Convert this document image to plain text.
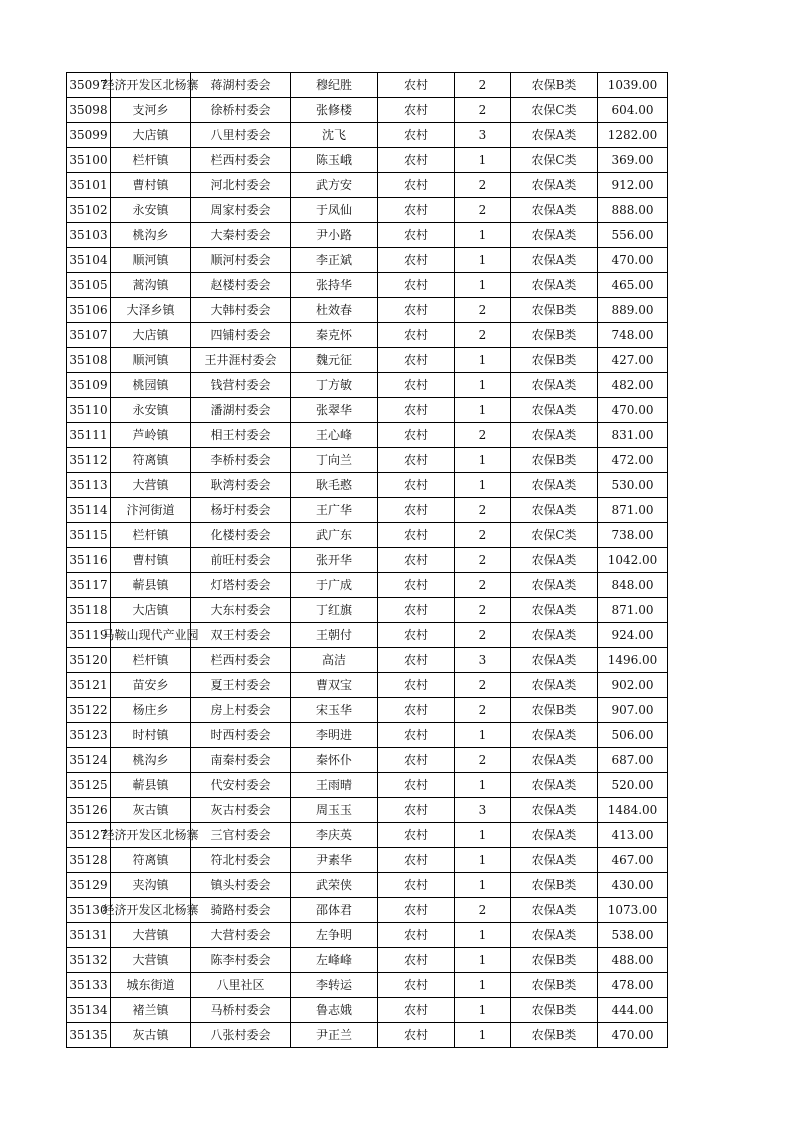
35097	经济开发区北杨寨	蒋湖村委会	穆纪胜	农村	2	农保B类	1039.00
35098	支河乡	徐桥村委会	张修楼	农村	2	农保C类	604.00
35099	大店镇	八里村委会	沈飞	农村	3	农保A类	1282.00
35100	栏杆镇	栏西村委会	陈玉峨	农村	1	农保C类	369.00
35101	曹村镇	河北村委会	武方安	农村	2	农保A类	912.00
35102	永安镇	周家村委会	于凤仙	农村	2	农保A类	888.00
35103	桃沟乡	大秦村委会	尹小路	农村	1	农保A类	556.00
35104	顺河镇	顺河村委会	李正斌	农村	1	农保A类	470.00
35105	蒿沟镇	赵楼村委会	张持华	农村	1	农保A类	465.00
35106	大泽乡镇	大韩村委会	杜效春	农村	2	农保B类	889.00
35107	大店镇	四铺村委会	秦克怀	农村	2	农保B类	748.00
35108	顺河镇	王井涯村委会	魏元征	农村	1	农保B类	427.00
35109	桃园镇	钱营村委会	丁方敏	农村	1	农保A类	482.00
35110	永安镇	潘湖村委会	张翠华	农村	1	农保A类	470.00
35111	芦岭镇	相王村委会	王心峰	农村	2	农保A类	831.00
35112	符离镇	李桥村委会	丁向兰	农村	1	农保B类	472.00
35113	大营镇	耿湾村委会	耿毛憨	农村	1	农保A类	530.00
35114	汴河街道	杨圩村委会	王广华	农村	2	农保A类	871.00
35115	栏杆镇	化楼村委会	武广东	农村	2	农保C类	738.00
35116	曹村镇	前旺村委会	张开华	农村	2	农保A类	1042.00
35117	蕲县镇	灯塔村委会	于广成	农村	2	农保A类	848.00
35118	大店镇	大东村委会	丁红旗	农村	2	农保A类	871.00
35119	马鞍山现代产业园	双王村委会	王朝付	农村	2	农保A类	924.00
35120	栏杆镇	栏西村委会	高洁	农村	3	农保A类	1496.00
35121	苗安乡	夏王村委会	曹双宝	农村	2	农保A类	902.00
35122	杨庄乡	房上村委会	宋玉华	农村	2	农保B类	907.00
35123	时村镇	时西村委会	李明进	农村	1	农保A类	506.00
35124	桃沟乡	南秦村委会	秦怀仆	农村	2	农保A类	687.00
35125	蕲县镇	代安村委会	王雨晴	农村	1	农保A类	520.00
35126	灰古镇	灰古村委会	周玉玉	农村	3	农保A类	1484.00
35127	经济开发区北杨寨	三官村委会	李庆英	农村	1	农保A类	413.00
35128	符离镇	符北村委会	尹素华	农村	1	农保A类	467.00
35129	夹沟镇	镇头村委会	武荣侠	农村	1	农保B类	430.00
35130	经济开发区北杨寨	骑路村委会	邵体君	农村	2	农保A类	1073.00
35131	大营镇	大营村委会	左争明	农村	1	农保A类	538.00
35132	大营镇	陈李村委会	左峰峰	农村	1	农保B类	488.00
35133	城东街道	八里社区	李转运	农村	1	农保B类	478.00
35134	褚兰镇	马桥村委会	鲁志娥	农村	1	农保B类	444.00
35135	灰古镇	八张村委会	尹正兰	农村	1	农保B类	470.00
